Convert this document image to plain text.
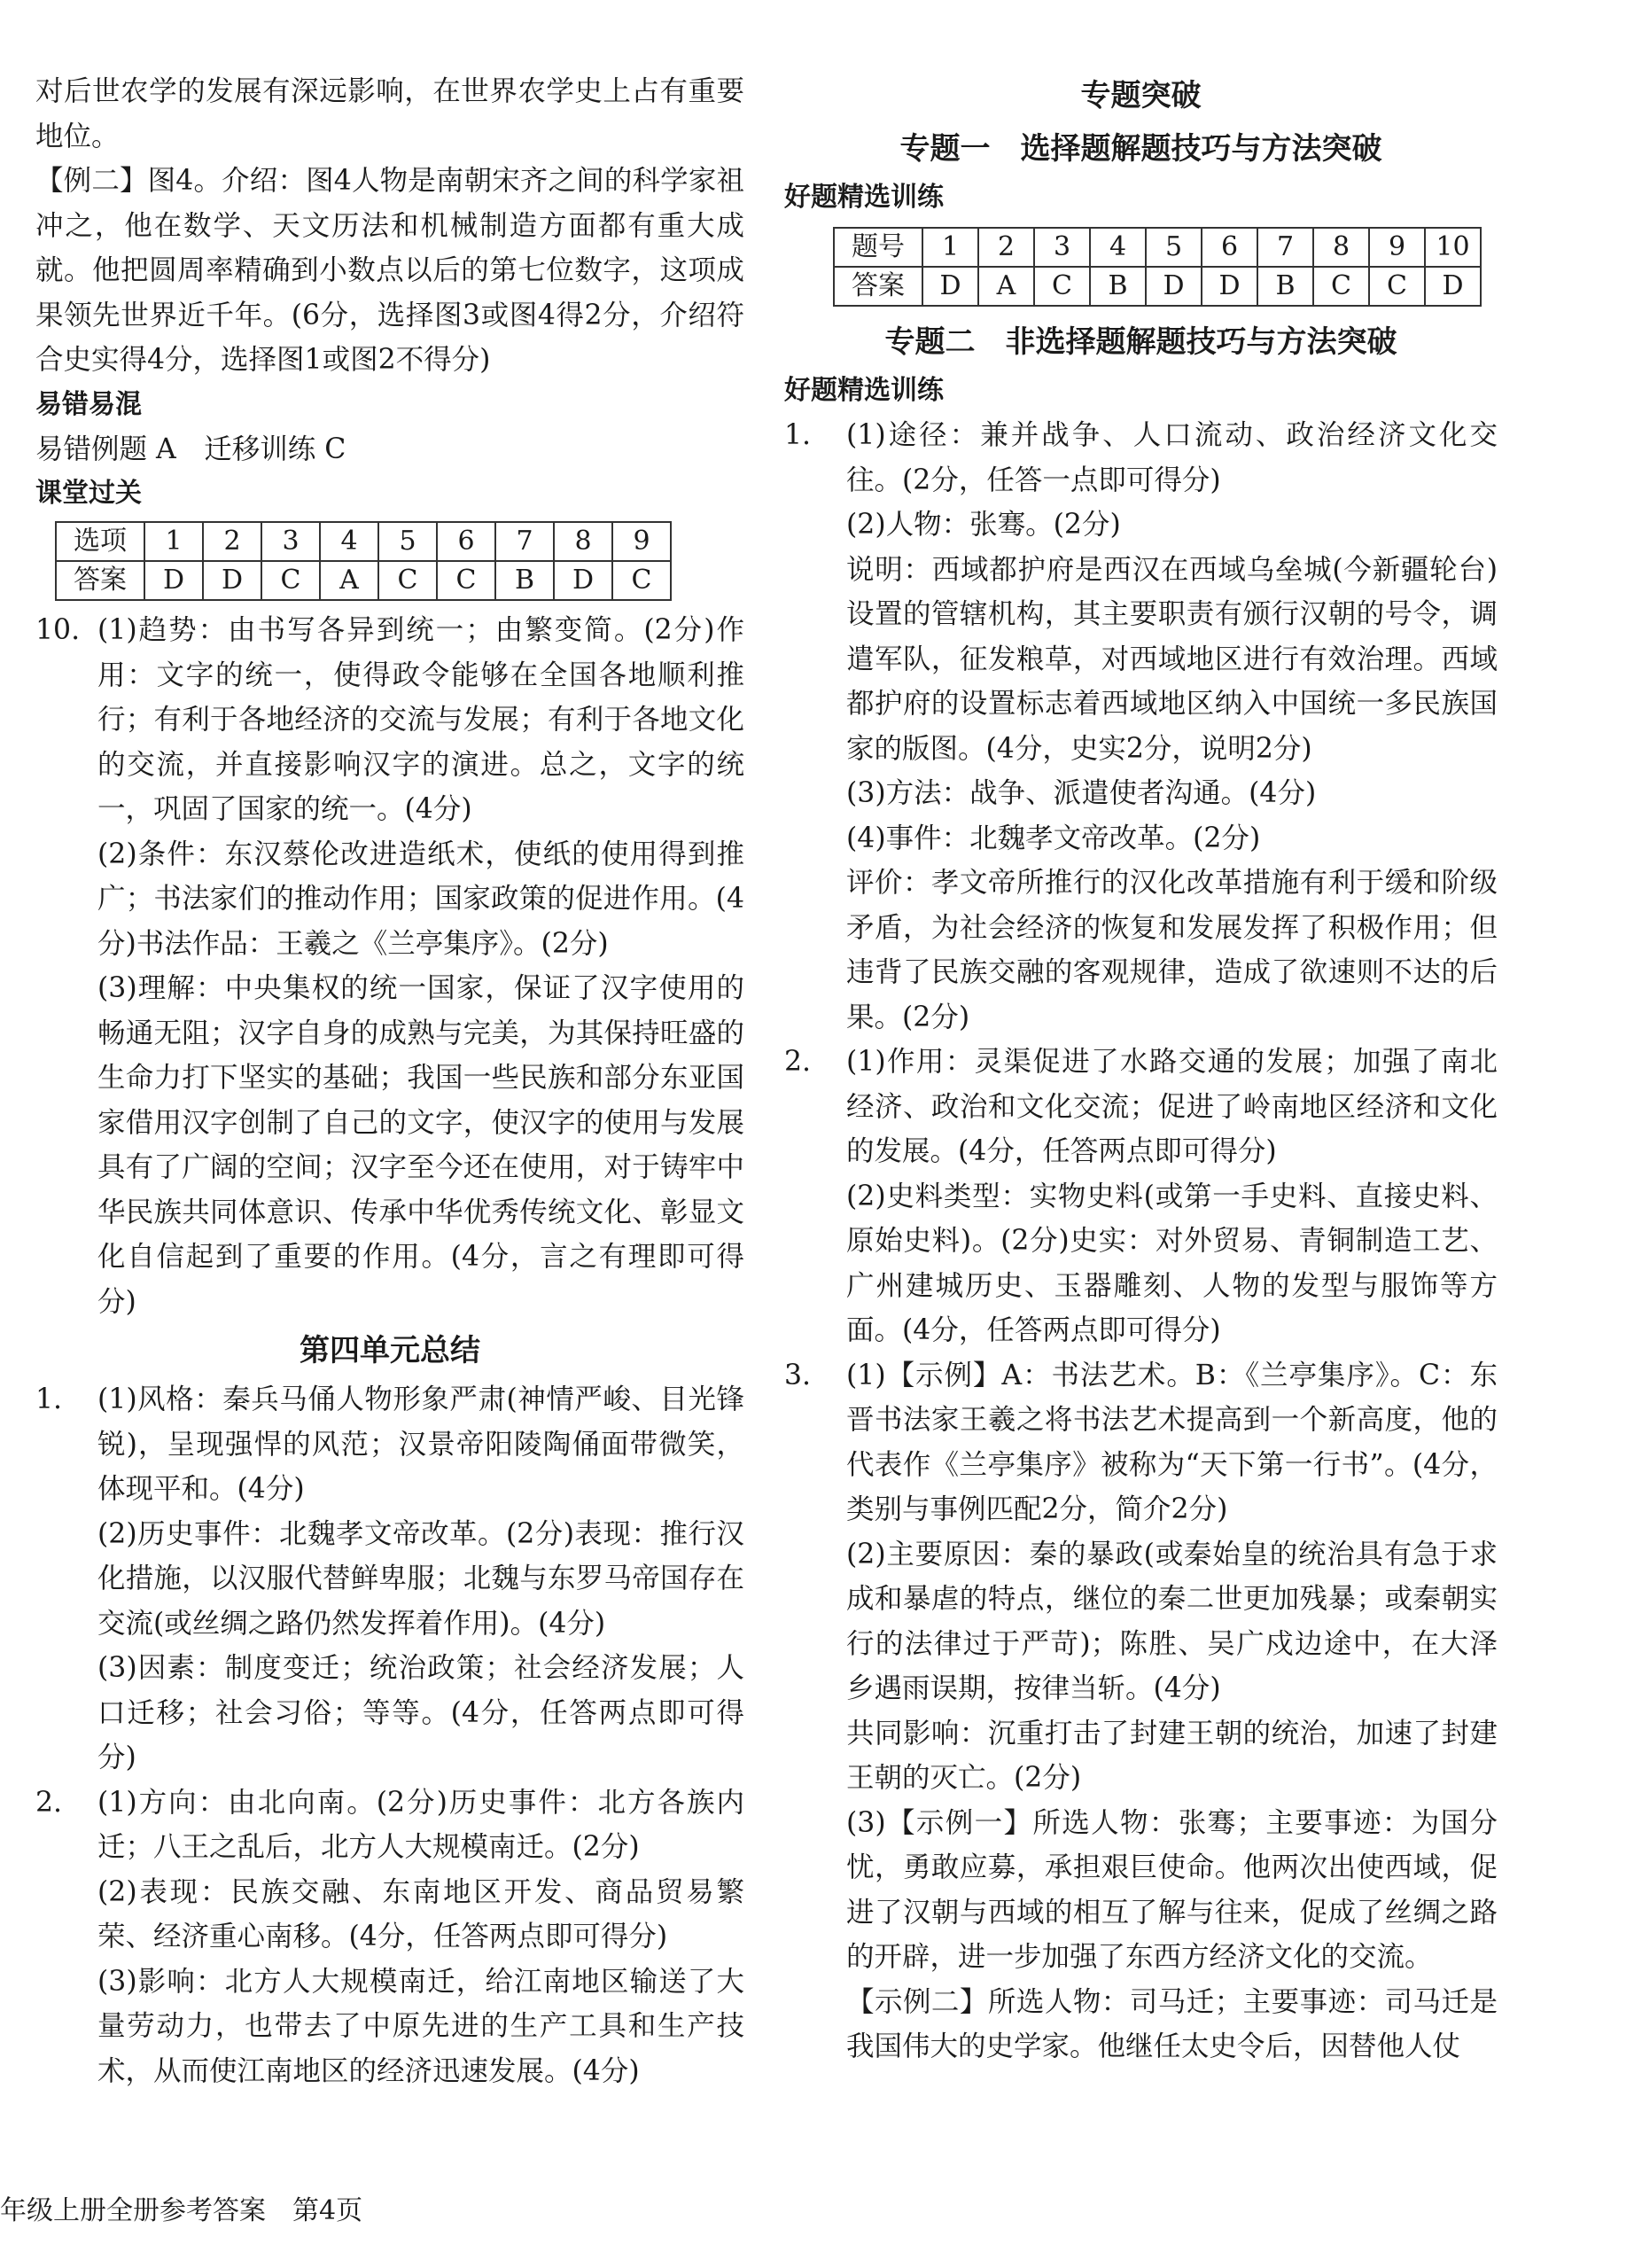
对后世农学的发展有深远影响，在世界农学史上占有重要地位。

【例二】图4。介绍：图4人物是南朝宋齐之间的科学家祖冲之，他在数学、天文历法和机械制造方面都有重大成就。他把圆周率精确到小数点以后的第七位数字，这项成果领先世界近千年。(6分，选择图3或图4得2分，介绍符合史实得4分，选择图1或图2不得分)

易错易混

易错例题 A　迁移训练 C

课堂过关

选项	1	2	3	4	5	6	7	8	9
答案	D	D	C	A	C	C	B	D	C
10. (1)趋势：由书写各异到统一；由繁变简。(2分)作用：文字的统一，使得政令能够在全国各地顺利推行；有利于各地经济的交流与发展；有利于各地文化的交流，并直接影响汉字的演进。总之，文字的统一，巩固了国家的统一。(4分)

(2)条件：东汉蔡伦改进造纸术，使纸的使用得到推广；书法家们的推动作用；国家政策的促进作用。(4分)书法作品：王羲之《兰亭集序》。(2分)

(3)理解：中央集权的统一国家，保证了汉字使用的畅通无阻；汉字自身的成熟与完美，为其保持旺盛的生命力打下坚实的基础；我国一些民族和部分东亚国家借用汉字创制了自己的文字，使汉字的使用与发展具有了广阔的空间；汉字至今还在使用，对于铸牢中华民族共同体意识、传承中华优秀传统文化、彰显文化自信起到了重要的作用。(4分，言之有理即可得分)

第四单元总结

1. (1)风格：秦兵马俑人物形象严肃(神情严峻、目光锋锐)，呈现强悍的风范；汉景帝阳陵陶俑面带微笑，体现平和。(4分)

(2)历史事件：北魏孝文帝改革。(2分)表现：推行汉化措施，以汉服代替鲜卑服；北魏与东罗马帝国存在交流(或丝绸之路仍然发挥着作用)。(4分)

(3)因素：制度变迁；统治政策；社会经济发展；人口迁移；社会习俗；等等。(4分，任答两点即可得分)

2. (1)方向：由北向南。(2分)历史事件：北方各族内迁；八王之乱后，北方人大规模南迁。(2分)

(2)表现：民族交融、东南地区开发、商品贸易繁荣、经济重心南移。(4分，任答两点即可得分)

(3)影响：北方人大规模南迁，给江南地区输送了大量劳动力，也带去了中原先进的生产工具和生产技术，从而使江南地区的经济迅速发展。(4分)

专题突破

专题一　选择题解题技巧与方法突破

好题精选训练

题号	1	2	3	4	5	6	7	8	9	10
答案	D	A	C	B	D	D	B	C	C	D

专题二　非选择题解题技巧与方法突破

好题精选训练

1. (1)途径：兼并战争、人口流动、政治经济文化交往。(2分，任答一点即可得分)

(2)人物：张骞。(2分)

说明：西域都护府是西汉在西域乌垒城(今新疆轮台)设置的管辖机构，其主要职责有颁行汉朝的号令，调遣军队，征发粮草，对西域地区进行有效治理。西域都护府的设置标志着西域地区纳入中国统一多民族国家的版图。(4分，史实2分，说明2分)

(3)方法：战争、派遣使者沟通。(4分)

(4)事件：北魏孝文帝改革。(2分)

评价：孝文帝所推行的汉化改革措施有利于缓和阶级矛盾，为社会经济的恢复和发展发挥了积极作用；但违背了民族交融的客观规律，造成了欲速则不达的后果。(2分)

2. (1)作用：灵渠促进了水路交通的发展；加强了南北经济、政治和文化交流；促进了岭南地区经济和文化的发展。(4分，任答两点即可得分)

(2)史料类型：实物史料(或第一手史料、直接史料、原始史料)。(2分)史实：对外贸易、青铜制造工艺、广州建城历史、玉器雕刻、人物的发型与服饰等方面。(4分，任答两点即可得分)

3. (1)【示例】A：书法艺术。B：《兰亭集序》。C：东晋书法家王羲之将书法艺术提高到一个新高度，他的代表作《兰亭集序》被称为“天下第一行书”。(4分，类别与事例匹配2分，简介2分)

(2)主要原因：秦的暴政(或秦始皇的统治具有急于求成和暴虐的特点，继位的秦二世更加残暴；或秦朝实行的法律过于严苛)；陈胜、吴广戍边途中，在大泽乡遇雨误期，按律当斩。(4分)

共同影响：沉重打击了封建王朝的统治，加速了封建王朝的灭亡。(2分)

(3)【示例一】所选人物：张骞；主要事迹：为国分忧，勇敢应募，承担艰巨使命。他两次出使西域，促进了汉朝与西域的相互了解与往来，促成了丝绸之路的开辟，进一步加强了东西方经济文化的交流。

【示例二】所选人物：司马迁；主要事迹：司马迁是我国伟大的史学家。他继任太史令后，因替他人仗

年级上册全册参考答案　第4页
